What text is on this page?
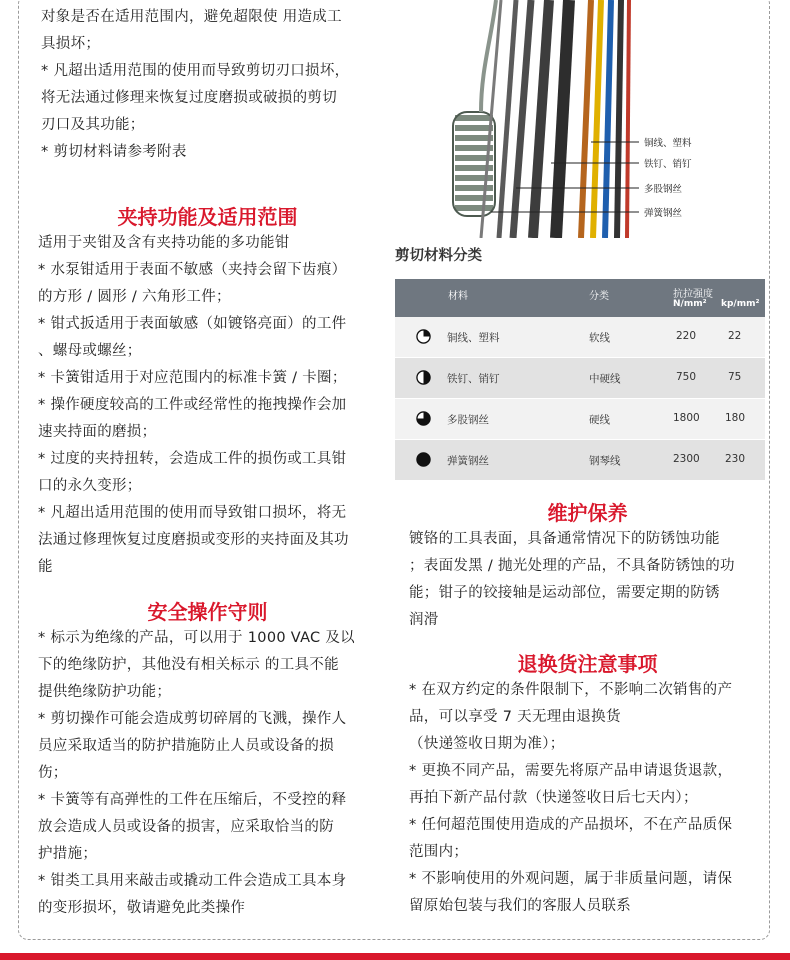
对象是否在适用范围内，避免超限使 用造成工
具损坏；
* 凡超出适用范围的使用而导致剪切刃口损坏，
将无法通过修理来恢复过度磨损或破损的剪切
刃口及其功能；
* 剪切材料请参考附表

夹持功能及适用范围

适用于夹钳及含有夹持功能的多功能钳
* 水泵钳适用于表面不敏感（夹持会留下齿痕）
的方形 / 圆形 / 六角形工件；
* 钳式扳适用于表面敏感（如镀铬亮面）的工件
、螺母或螺丝；
* 卡簧钳适用于对应范围内的标准卡簧 / 卡圈；
* 操作硬度较高的工件或经常性的拖拽操作会加
速夹持面的磨损；
* 过度的夹持扭转，会造成工件的损伤或工具钳
口的永久变形；
* 凡超出适用范围的使用而导致钳口损坏，将无
法通过修理恢复过度磨损或变形的夹持面及其功
能

安全操作守则

* 标示为绝缘的产品，可以用于 1000 VAC 及以
下的绝缘防护，其他没有相关标示 的工具不能
提供绝缘防护功能；
* 剪切操作可能会造成剪切碎屑的飞溅，操作人
员应采取适当的防护措施防止人员或设备的损
伤；
* 卡簧等有高弹性的工件在压缩后，不受控的释
放会造成人员或设备的损害，应采取恰当的防
护措施；
* 钳类工具用来敲击或撬动工件会造成工具本身
的变形损坏，敬请避免此类操作

铜线、塑料
铁钉、销钉
多股钢丝
弹簧钢丝
剪切材料分类
材料	分类	抗拉强度
N/mm² kp/mm²
铜线、塑料	软线	220	22
铁钉、销钉	中硬线	750	75
多股钢丝	硬线	1800 180
弹簧钢丝	钢琴线	2300 230
维护保养

镀铬的工具表面，具备通常情况下的防锈蚀功能
；表面发黑 / 抛光处理的产品，不具备防锈蚀的功
能；钳子的铰接轴是运动部位，需要定期的防锈
润滑

退换货注意事项

* 在双方约定的条件限制下，不影响二次销售的产
品，可以享受 7 天无理由退换货
（快递签收日期为准）；
* 更换不同产品，需要先将原产品申请退货退款，
再拍下新产品付款（快递签收日后七天内）；
* 任何超范围使用造成的产品损坏，不在产品质保
范围内；
* 不影响使用的外观问题，属于非质量问题，请保
留原始包装与我们的客服人员联系
